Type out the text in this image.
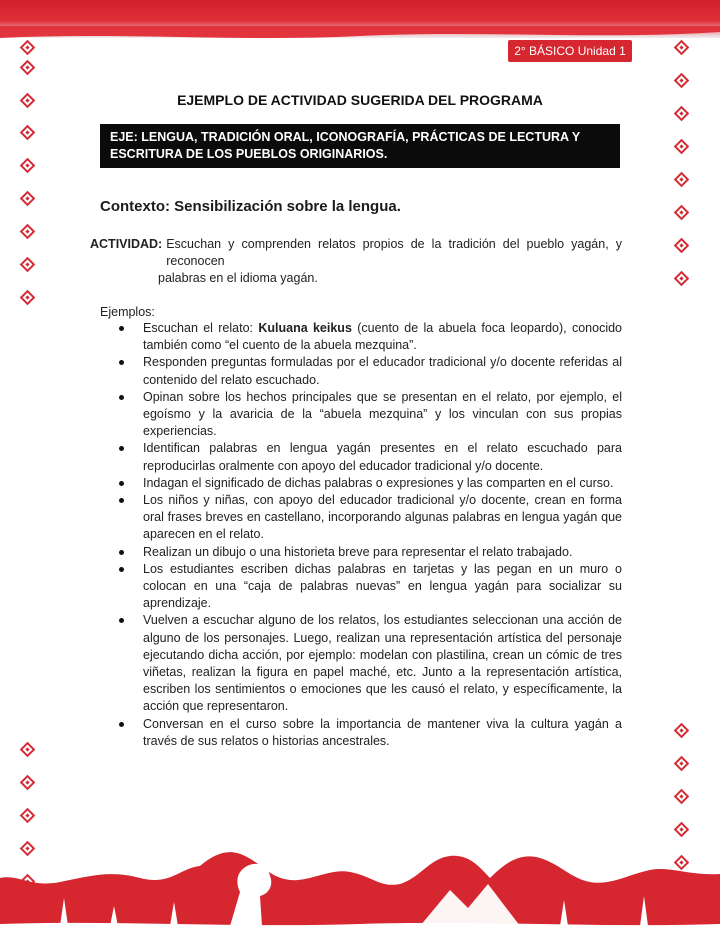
2° BÁSICO Unidad 1
EJEMPLO DE ACTIVIDAD SUGERIDA DEL PROGRAMA
EJE: LENGUA, TRADICIÓN ORAL, ICONOGRAFÍA, PRÁCTICAS DE LECTURA Y ESCRITURA DE LOS PUEBLOS ORIGINARIOS.
Contexto: Sensibilización sobre la lengua.
ACTIVIDAD: Escuchan y comprenden relatos propios de la tradición del pueblo yagán, y reconocen
palabras en el idioma yagán.
Ejemplos:
Escuchan el relato: Kuluana keikus (cuento de la abuela foca leopardo), conocido también como “el cuento de la abuela mezquina”.
Responden preguntas formuladas por el educador tradicional y/o docente referidas al contenido del relato escuchado.
Opinan sobre los hechos principales que se presentan en el relato, por ejemplo, el egoísmo y la avaricia de la “abuela mezquina” y los vinculan con sus propias experiencias.
Identifican palabras en lengua yagán presentes en el relato escuchado para reproducirlas oralmente con apoyo del educador tradicional y/o docente.
Indagan el significado de dichas palabras o expresiones y las comparten en el curso.
Los niños y niñas, con apoyo del educador tradicional y/o docente, crean en forma oral frases breves en castellano, incorporando algunas palabras en lengua yagán que aparecen en el relato.
Realizan un dibujo o una historieta breve para representar el relato trabajado.
Los estudiantes escriben dichas palabras en tarjetas y las pegan en un muro o colocan en una “caja de palabras nuevas” en lengua yagán para socializar su aprendizaje.
Vuelven a escuchar alguno de los relatos, los estudiantes seleccionan una acción de alguno de los personajes. Luego, realizan una representación artística del personaje ejecutando dicha acción, por ejemplo: modelan con plastilina, crean un cómic de tres viñetas, realizan la figura en papel maché, etc. Junto a la representación artística, escriben los sentimientos o emociones que les causó el relato, y específicamente, la acción que representaron.
Conversan en el curso sobre la importancia de mantener viva la cultura yagán a través de sus relatos o historias ancestrales.
